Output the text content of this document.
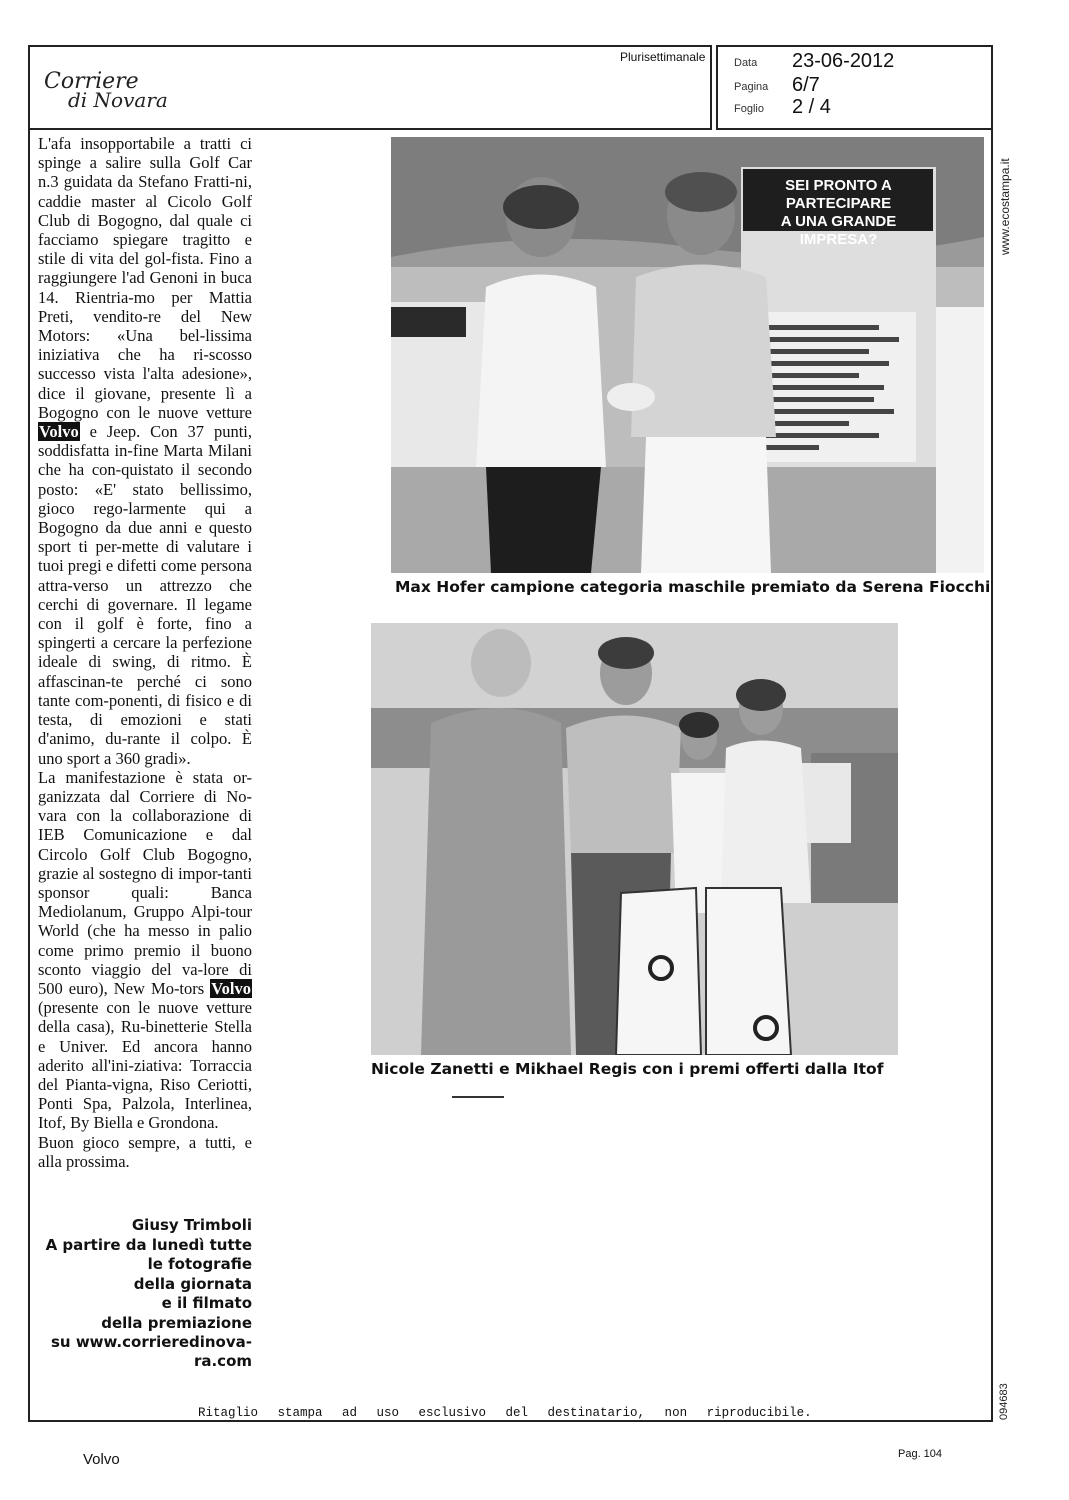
Corriere
di Novara
Plurisettimanale	Data 23-06-2012
Pagina 6/7
Foglio 2 / 4
L'afa insopportabile a tratti ci spinge a salire sulla Golf Car n.3 guidata da Stefano Fratti-ni, caddie master al Cicolo Golf Club di Bogogno, dal quale ci facciamo spiegare tragitto e stile di vita del gol-fista. Fino a raggiungere l'ad Genoni in buca 14. Rientria-mo per Mattia Preti, vendito-re del New Motors: «Una bel-lissima iniziativa che ha ri-scosso successo vista l'alta adesione», dice il giovane, presente lì a Bogogno con le nuove vetture Volvo e Jeep. Con 37 punti, soddisfatta in-fine Marta Milani che ha con-quistato il secondo posto: «E' stato bellissimo, gioco rego-larmente qui a Bogogno da due anni e questo sport ti per-mette di valutare i tuoi pregi e difetti come persona attra-verso un attrezzo che cerchi di governare. Il legame con il golf è forte, fino a spingerti a cercare la perfezione ideale di swing, di ritmo. È affascinan-te perché ci sono tante com-ponenti, di fisico e di testa, di emozioni e stati d'animo, du-rante il colpo. È uno sport a 360 gradi».
La manifestazione è stata or-ganizzata dal Corriere di No-vara con la collaborazione di IEB Comunicazione e dal Circolo Golf Club Bogogno, grazie al sostegno di impor-tanti sponsor quali: Banca Mediolanum, Gruppo Alpi-tour World (che ha messo in palio come primo premio il buono sconto viaggio del va-lore di 500 euro), New Mo-tors Volvo (presente con le nuove vetture della casa), Ru-binetterie Stella e Univer. Ed ancora hanno aderito all'ini-ziativa: Torraccia del Pianta-vigna, Riso Ceriotti, Ponti Spa, Palzola, Interlinea, Itof, By Biella e Grondona.
Buon gioco sempre, a tutti, e alla prossima.
Giusy Trimboli
A partire da lunedì tutte
le fotografie
della giornata
e il filmato
della premiazione
su www.corrieredinova-
ra.com
SEI PRONTO A PARTECIPARE
A UNA GRANDE IMPRESA?
Max Hofer campione categoria maschile premiato da Serena Fiocchi
Nicole Zanetti e Mikhael Regis con i premi offerti dalla Itof
www.ecostampa.it
094683
Ritaglio stampa ad uso esclusivo del destinatario, non riproducibile.
Volvo	Pag. 104
